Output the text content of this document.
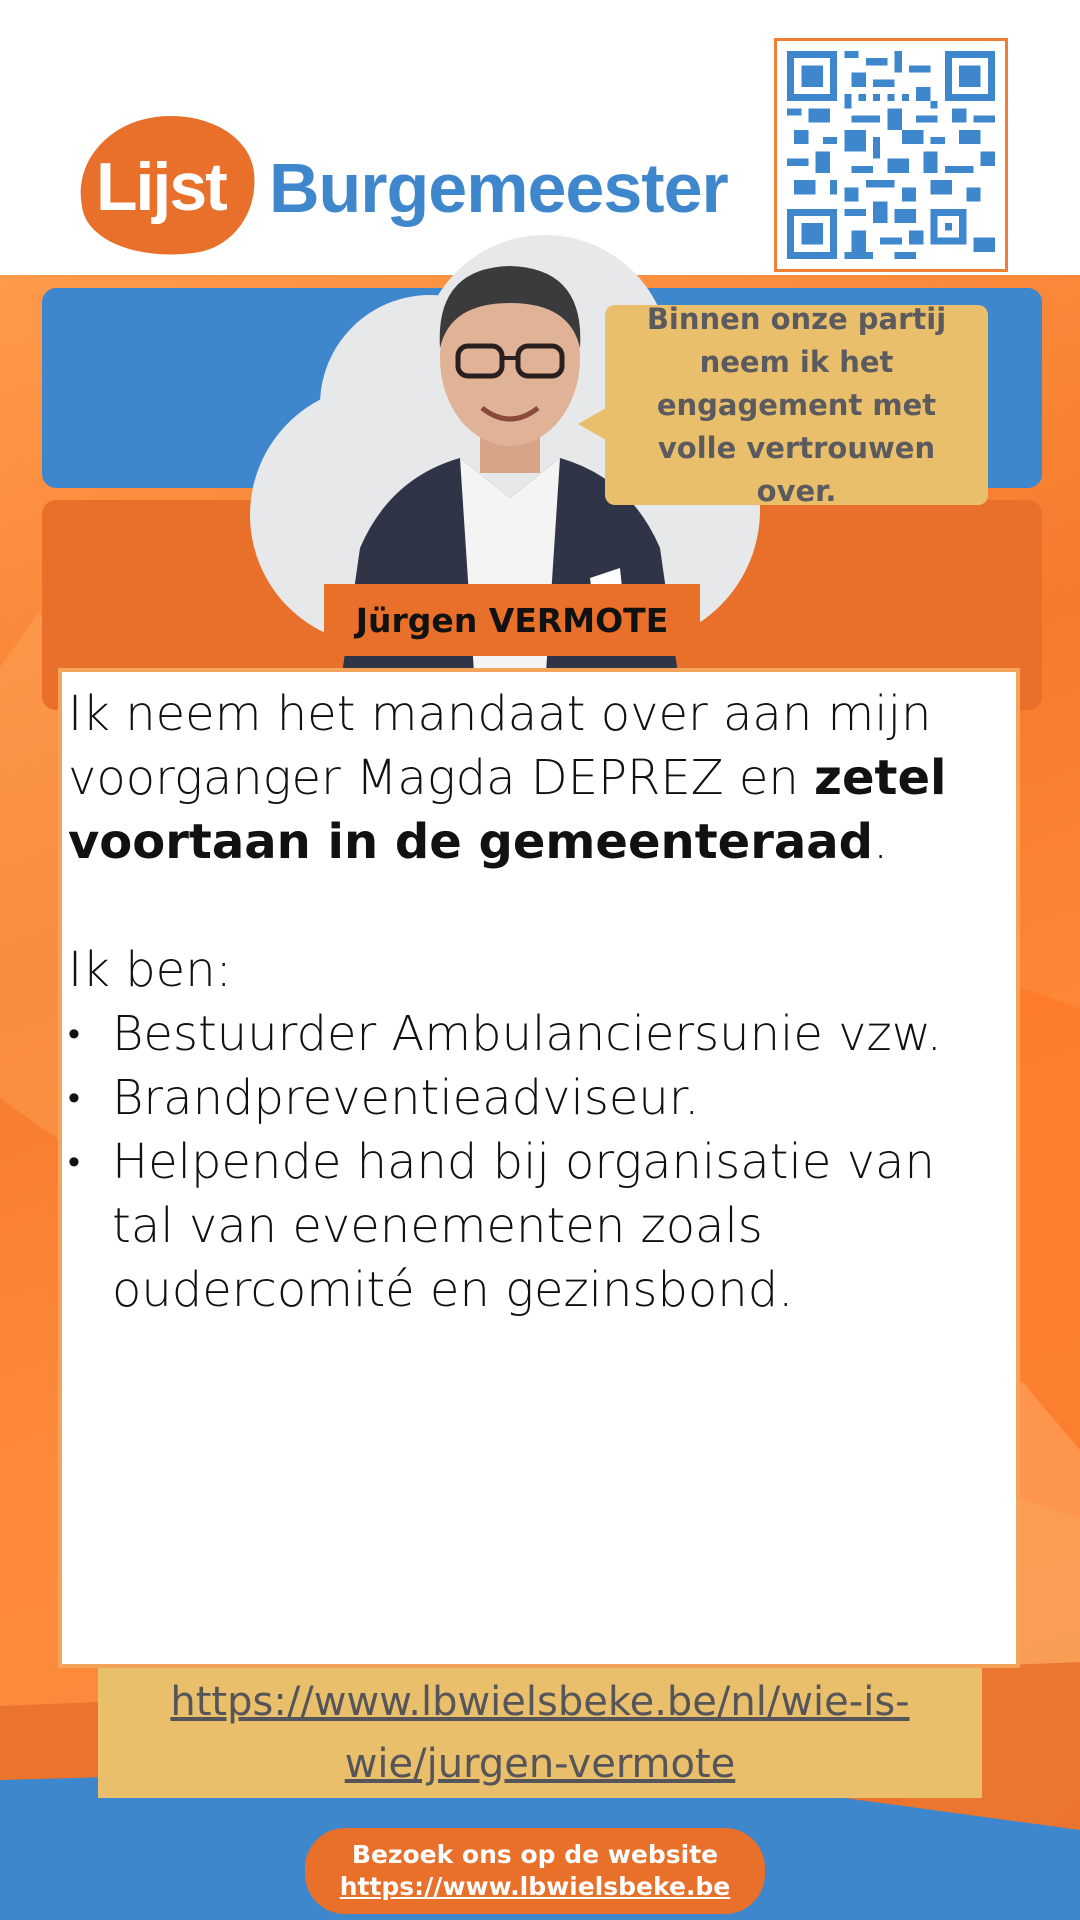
Lijst Burgemeester
Binnen onze partij neem ik het engagement met volle vertrouwen over.
Jürgen VERMOTE

Ik neem het mandaat over aan mijn voorganger Magda DEPREZ en zetel voortaan in de gemeenteraad.

Ik ben:

• Bestuurder Ambulanciersunie vzw.
• Brandpreventieadviseur.
• Helpende hand bij organisatie van tal van evenementen zoals oudercomité en gezinsbond.
https://www.lbwielsbeke.be/nl/wie-is-wie/jurgen-vermote
Bezoek ons op de website
https://www.lbwielsbeke.be
